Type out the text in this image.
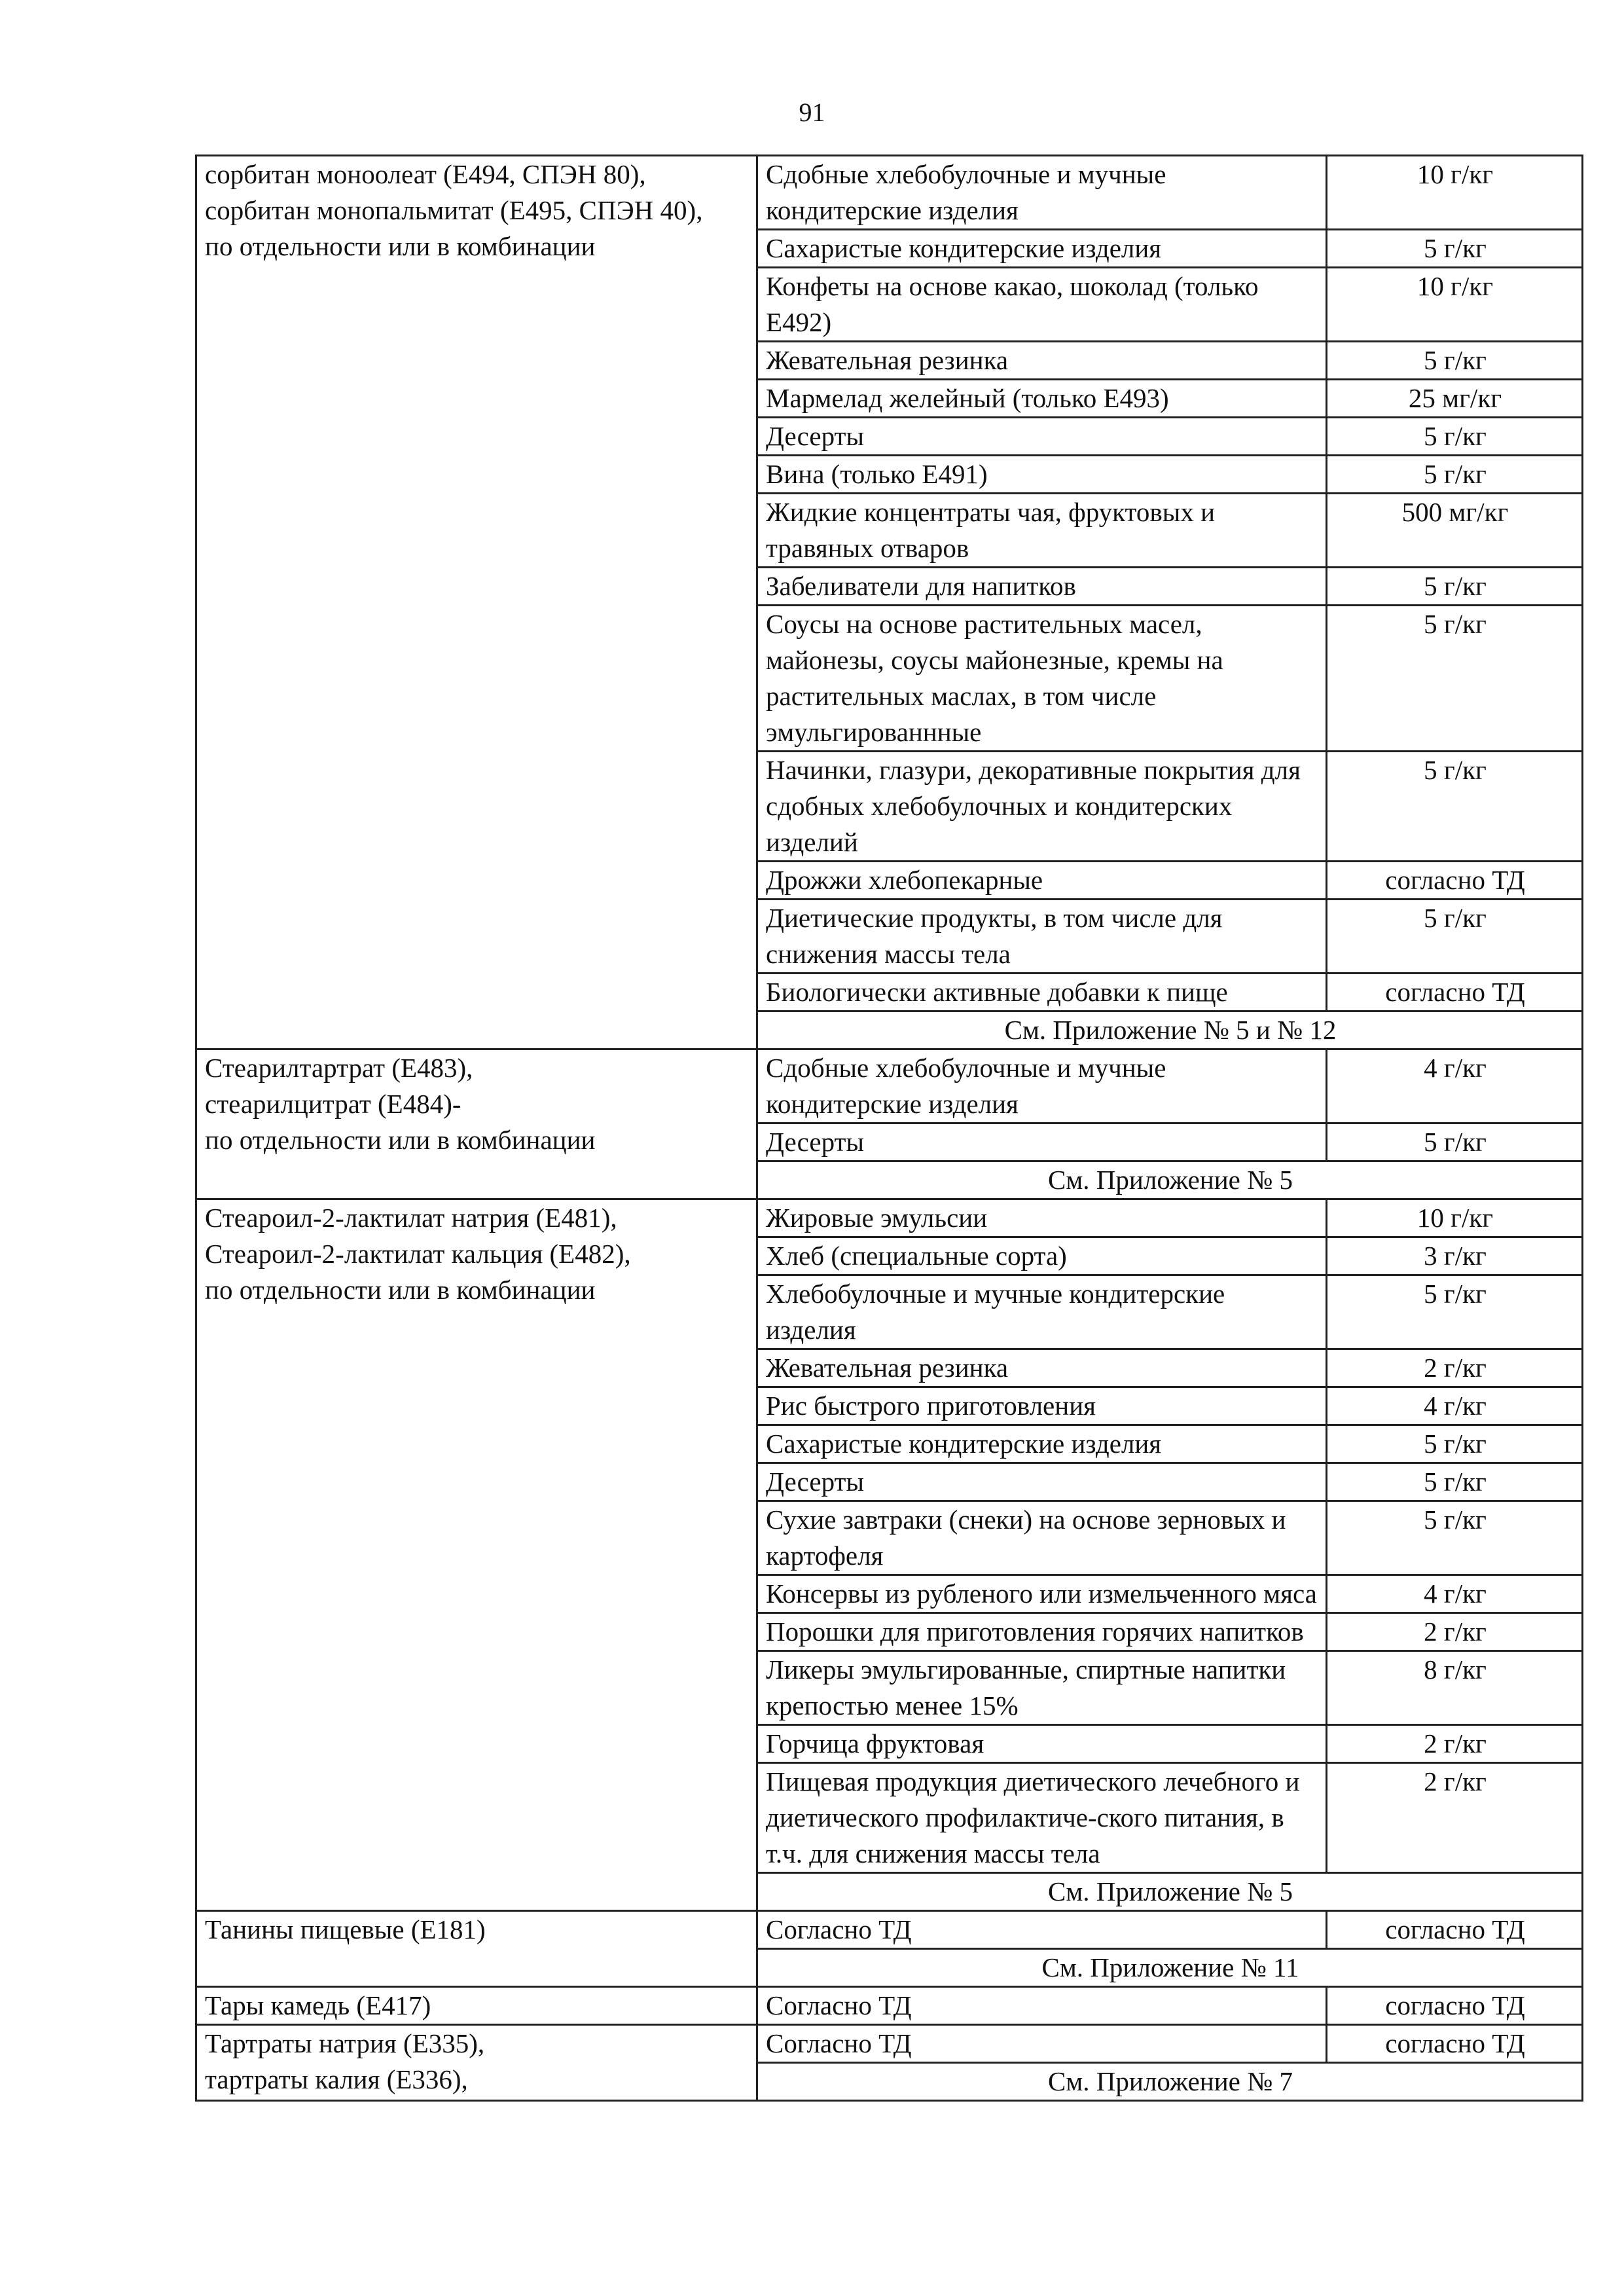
91
сорбитан моноолеат (E494, СПЭН 80), сорбитан монопальмитат (E495, СПЭН 40),
по отдельности или в комбинации	Сдобные хлебобулочные и мучные кондитерские изделия	10 г/кг
	Сахаристые кондитерские изделия	5 г/кг
	Конфеты на основе какао, шоколад (только E492)	10 г/кг
	Жевательная резинка	5 г/кг
	Мармелад желейный (только E493)	25 мг/кг
	Десерты	5 г/кг
	Вина (только E491)	5 г/кг
	Жидкие концентраты чая, фруктовых и травяных отваров	500 мг/кг
	Забеливатели для напитков	5 г/кг
	Соусы на основе растительных масел, майонезы, соусы майонезные, кремы на растительных маслах, в том числе эмульгированнные	5 г/кг
	Начинки, глазури, декоративные покрытия для сдобных хлебобулочных и кондитерских изделий	5 г/кг
	Дрожжи хлебопекарные	согласно ТД
	Диетические продукты, в том числе для снижения массы тела	5 г/кг
	Биологически активные добавки к пище	согласно ТД
	См. Приложение № 5 и № 12	
Стеарилтартрат (E483),
стеарилцитрат (E484)-
по отдельности или в комбинации	Сдобные хлебобулочные и мучные кондитерские изделия	4 г/кг
	Десерты	5 г/кг
	См. Приложение № 5	
Стеароил-2-лактилат натрия (E481),
Стеароил-2-лактилат кальция (E482),
по отдельности или в комбинации	Жировые эмульсии	10 г/кг
	Хлеб (специальные сорта)	3 г/кг
	Хлебобулочные и мучные кондитерские изделия	5 г/кг
	Жевательная резинка	2 г/кг
	Рис быстрого приготовления	4 г/кг
	Сахаристые кондитерские изделия	5 г/кг
	Десерты	5 г/кг
	Сухие завтраки (снеки) на основе зерновых и картофеля	5 г/кг
	Консервы из рубленого или измельченного мяса	4 г/кг
	Порошки для приготовления горячих напитков	2 г/кг
	Ликеры эмульгированные, спиртные напитки крепостью менее 15%	8 г/кг
	Горчица фруктовая	2 г/кг
	Пищевая продукция диетического лечебного и диетического профилактиче-ского питания, в т.ч. для снижения массы тела	2 г/кг
	См. Приложение № 5	
Танины пищевые (E181)	Согласно ТД	согласно ТД
	См. Приложение № 11	
Тары камедь (E417)	Согласно ТД	согласно ТД
Тартраты натрия (E335),
тартраты калия (E336),	Согласно ТД	согласно ТД
	См. Приложение № 7	
